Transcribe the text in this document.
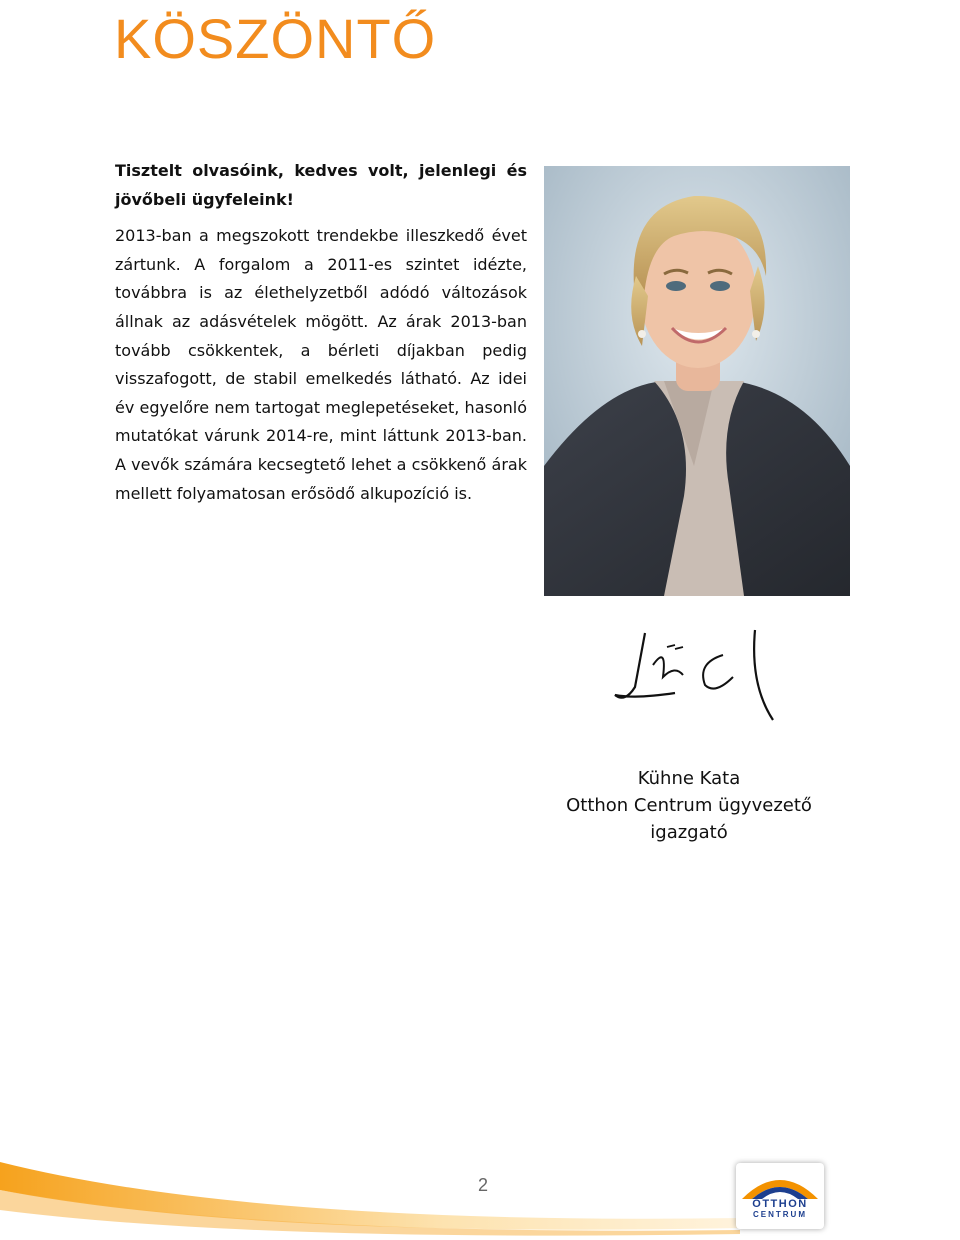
KÖSZÖNTŐ

Tisztelt olvasóink, kedves volt, jelenlegi és jövőbeli ügyfeleink!

2013-ban a megszokott trendekbe illeszkedő évet zártunk. A forgalom a 2011-es szintet idézte, továbbra is az élethelyzetből adódó változások állnak az adásvételek mögött. Az árak 2013-ban tovább csökkentek, a bérleti díjakban pedig visszafogott, de stabil emelkedés látható. Az idei év egyelőre nem tartogat meglepetéseket, hasonló mutatókat várunk 2014-re, mint láttunk 2013-ban. A vevők számára kecsegtető lehet a csökkenő árak mellett folyamatosan erősödő alkupozíció is.

Kühne Kata
Otthon Centrum ügyvezető igazgató
2
OTTHON
CENTRUM
